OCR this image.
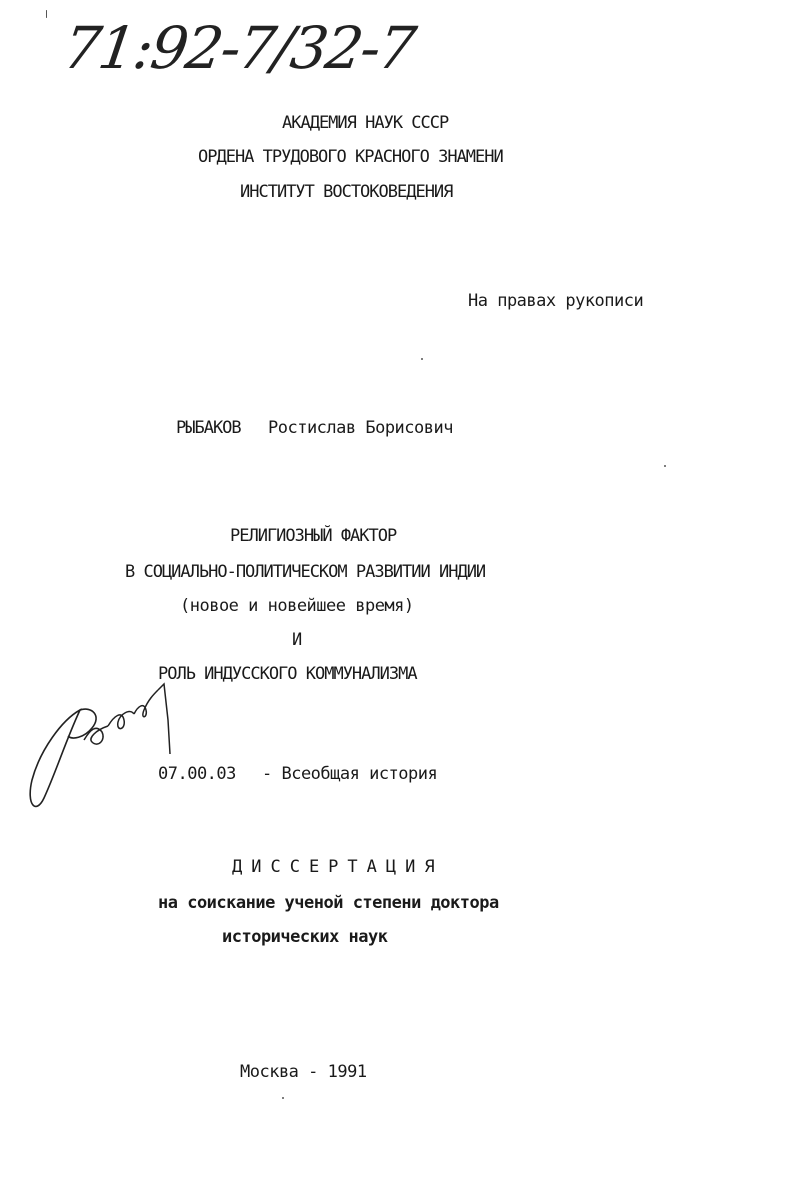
71:92-7/32-7
АКАДЕМИЯ НАУК СССР
ОРДЕНА ТРУДОВОГО КРАСНОГО ЗНАМЕНИ
ИНСТИТУТ ВОСТОКОВЕДЕНИЯ
На правах рукописи
РЫБАКОВ Ростислав Борисович
РЕЛИГИОЗНЫЙ ФАКТОР
В СОЦИАЛЬНО-ПОЛИТИЧЕСКОМ РАЗВИТИИ ИНДИИ
(новое и новейшее время)
И
РОЛЬ ИНДУССКОГО КОММУНАЛИЗМА
07.00.03 - Всеобщая история
ДИССЕРТАЦИЯ
на соискание ученой степени доктора
исторических наук
Москва - 1991
